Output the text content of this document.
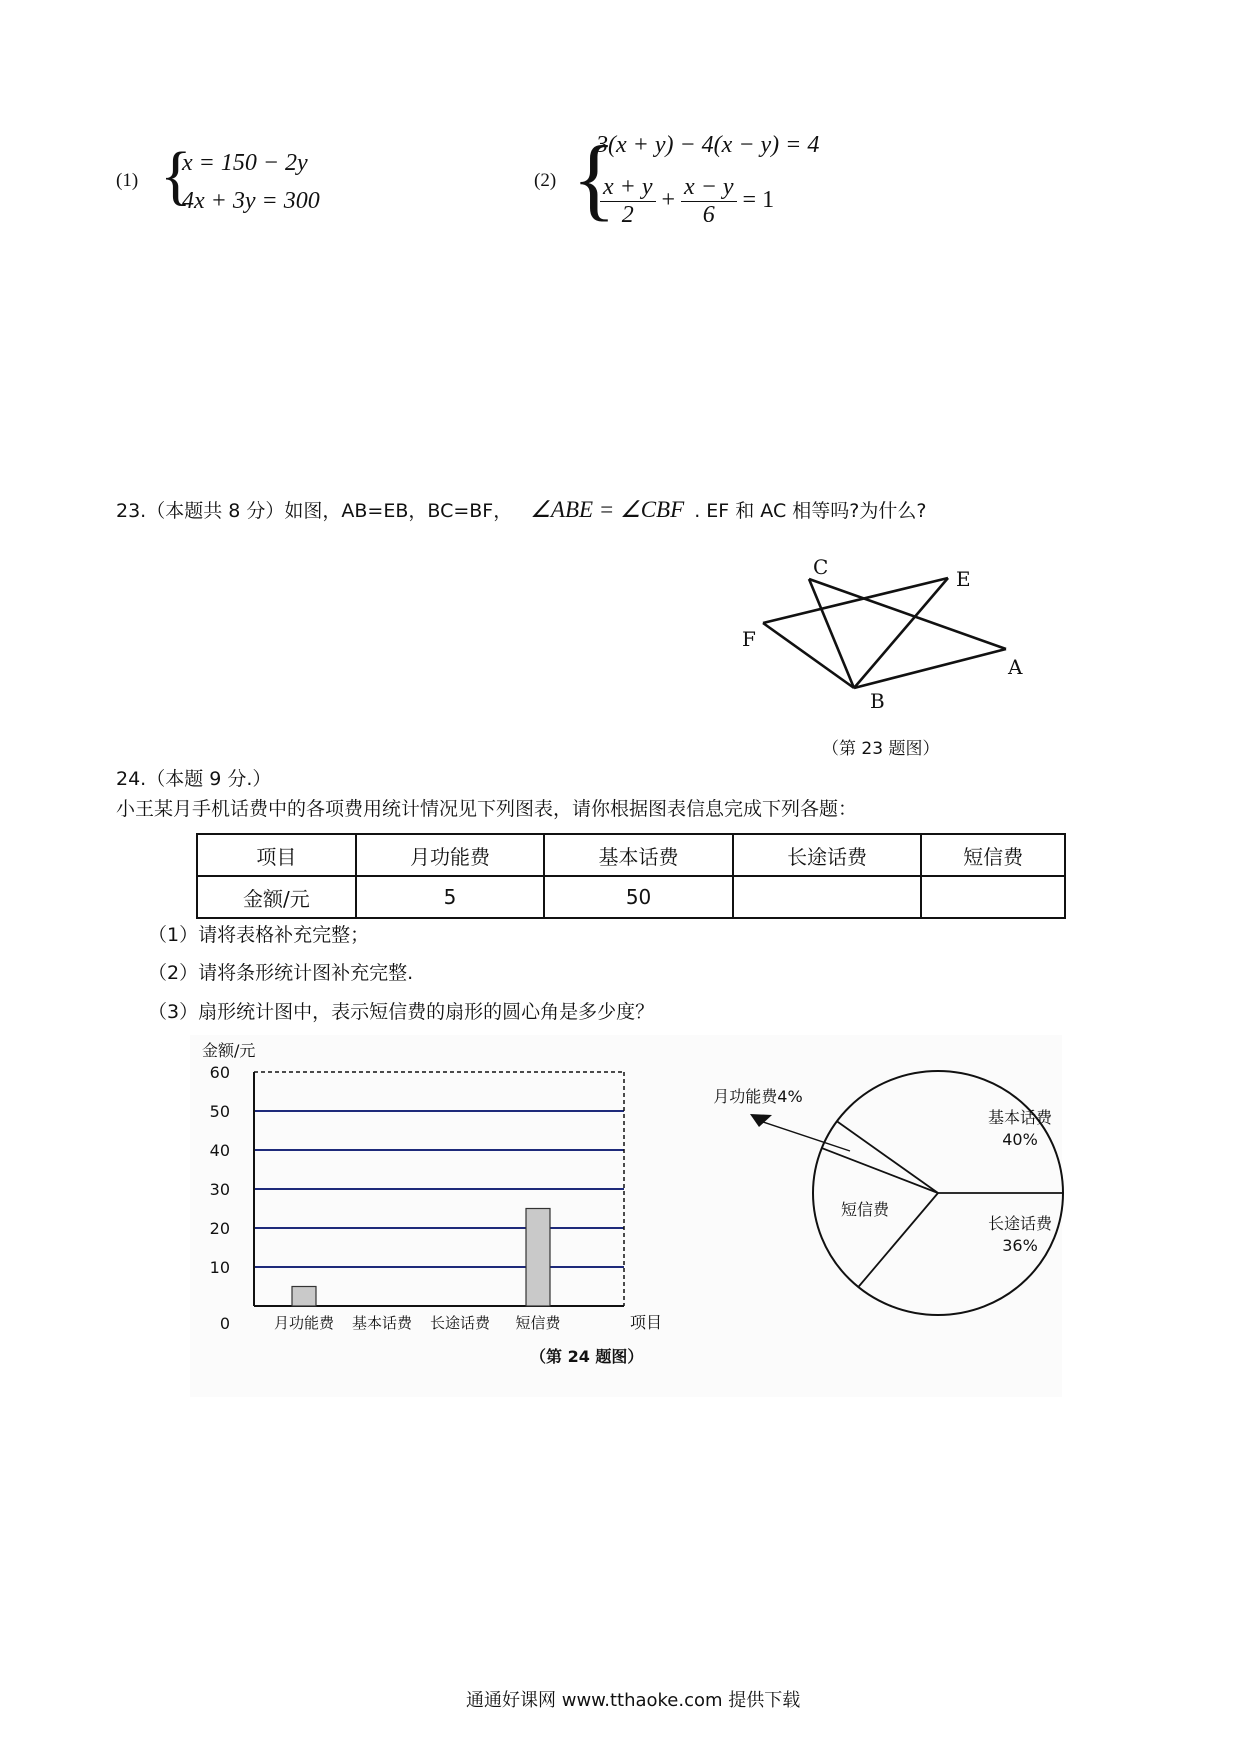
(1) {
x = 150 − 2y
4x + 3y = 300
(2) {
3(x + y) − 4(x − y) = 4
$\frac{x + y}{2} + \frac{x - y}{6} = 1$
23.（本题共 8 分）如图，AB=EB，BC=BF， ∠ABE = ∠CBF . EF 和 AC 相等吗?为什么?
C	E
F
A
B
（第 23 题图）
24.（本题 9 分.）
小王某月手机话费中的各项费用统计情况见下列图表，请你根据图表信息完成下列各题：
项目	月功能费	基本话费	长途话费	短信费
金额/元	5	50		
（1）请将表格补充完整；
（2）请将条形统计图补充完整.
（3）扇形统计图中，表示短信费的扇形的圆心角是多少度？
金额/元
项目
0
10
20
30
40
50
60
月功能费 基本话费 长途话费 短信费
（第 24 题图）
基本话费
40%
长途话费
36%
短信费
月功能费4%
通通好课网 www.tthaoke.com 提供下载
